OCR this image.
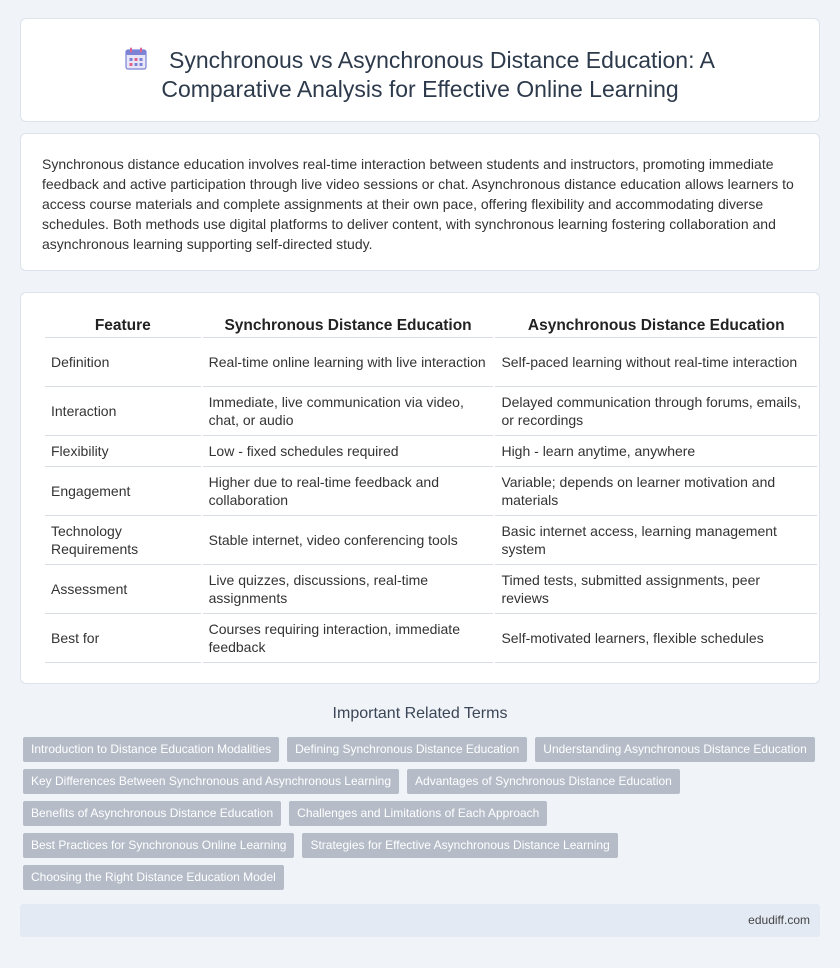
Synchronous vs Asynchronous Distance Education: A
Comparative Analysis for Effective Online Learning

Synchronous distance education involves real-time interaction between students and instructors, promoting immediate feedback and active participation through live video sessions or chat. Asynchronous distance education allows learners to access course materials and complete assignments at their own pace, offering flexibility and accommodating diverse schedules. Both methods use digital platforms to deliver content, with synchronous learning fostering collaboration and asynchronous learning supporting self-directed study.

Feature	Synchronous Distance Education	Asynchronous Distance Education
Definition	Real-time online learning with live interaction	Self-paced learning without real-time interaction
Interaction	Immediate, live communication via video, chat, or audio	Delayed communication through forums, emails, or recordings
Flexibility	Low - fixed schedules required	High - learn anytime, anywhere
Engagement	Higher due to real-time feedback and collaboration	Variable; depends on learner motivation and materials
Technology Requirements	Stable internet, video conferencing tools	Basic internet access, learning management system
Assessment	Live quizzes, discussions, real-time assignments	Timed tests, submitted assignments, peer reviews
Best for	Courses requiring interaction, immediate feedback	Self-motivated learners, flexible schedules
Important Related Terms
Introduction to Distance Education Modalities	Defining Synchronous Distance Education	Understanding Asynchronous Distance Education
Key Differences Between Synchronous and Asynchronous Learning	Advantages of Synchronous Distance Education
Benefits of Asynchronous Distance Education	Challenges and Limitations of Each Approach
Best Practices for Synchronous Online Learning	Strategies for Effective Asynchronous Distance Learning
Choosing the Right Distance Education Model
edudiff.com
